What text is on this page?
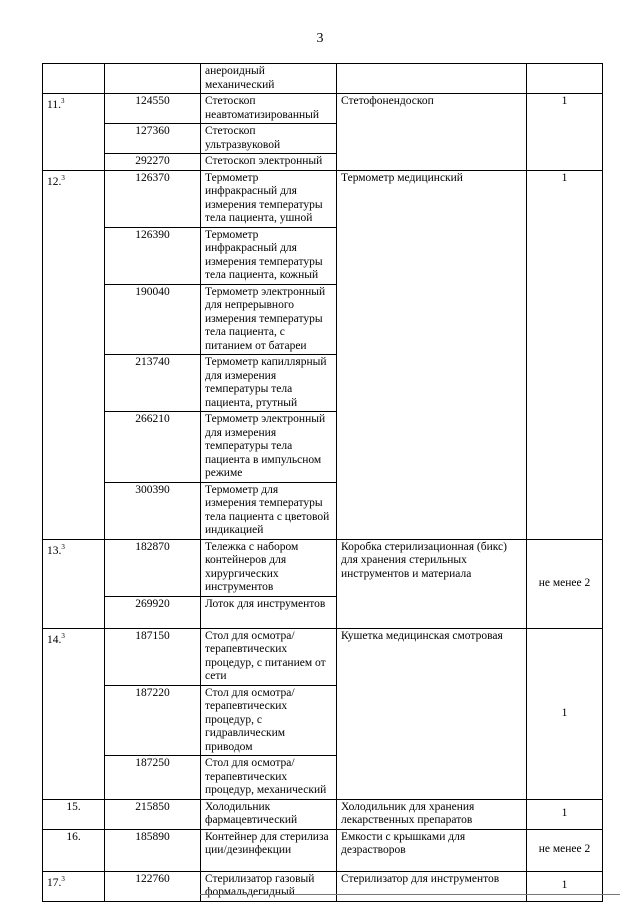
3
		анероидный механический		
11.$^3$	124550	Стетоскоп неавтоматизированный	Стетофонендоскоп	1
	127360	Стетоскоп ультразвуковой		
	292270	Стетоскоп электронный		
12.$^3$	126370	Термометр инфракрасный для измерения температуры тела пациента, ушной	Термометр медицинский	1
	126390	Термометр инфракрасный для измерения температуры тела пациента, кожный		
	190040	Термометр электронный для непрерывного измерения температуры тела пациента, с питанием от батареи		
	213740	Термометр капиллярный для измерения температуры тела пациента, ртутный		
	266210	Термометр электронный для измерения температуры тела пациента в импульсном режиме		
	300390	Термометр для измерения температуры тела пациента с цветовой индикацией		
13.$^3$	182870	Тележка с набором контейнеров для хирургических инструментов	Коробка стерилизационная (бикс) для хранения стерильных инструментов и материала	не менее 2
	269920	Лоток для инструментов		
14.$^3$	187150	Стол для осмотра/терапевтических процедур, с питанием от сети	Кушетка медицинская смотровая	1
	187220	Стол для осмотра/терапевтических процедур, с гидравлическим приводом		
	187250	Стол для осмотра/терапевтических процедур, механический		
15.	215850	Холодильник фармацевтический	Холодильник для хранения лекарственных препаратов	1
16.	185890	Контейнер для стерилизации/дезинфекции	Емкости с крышками для дезрастворов	не менее 2
17.$^3$	122760	Стерилизатор газовый формальдегидный	Стерилизатор для инструментов	1
